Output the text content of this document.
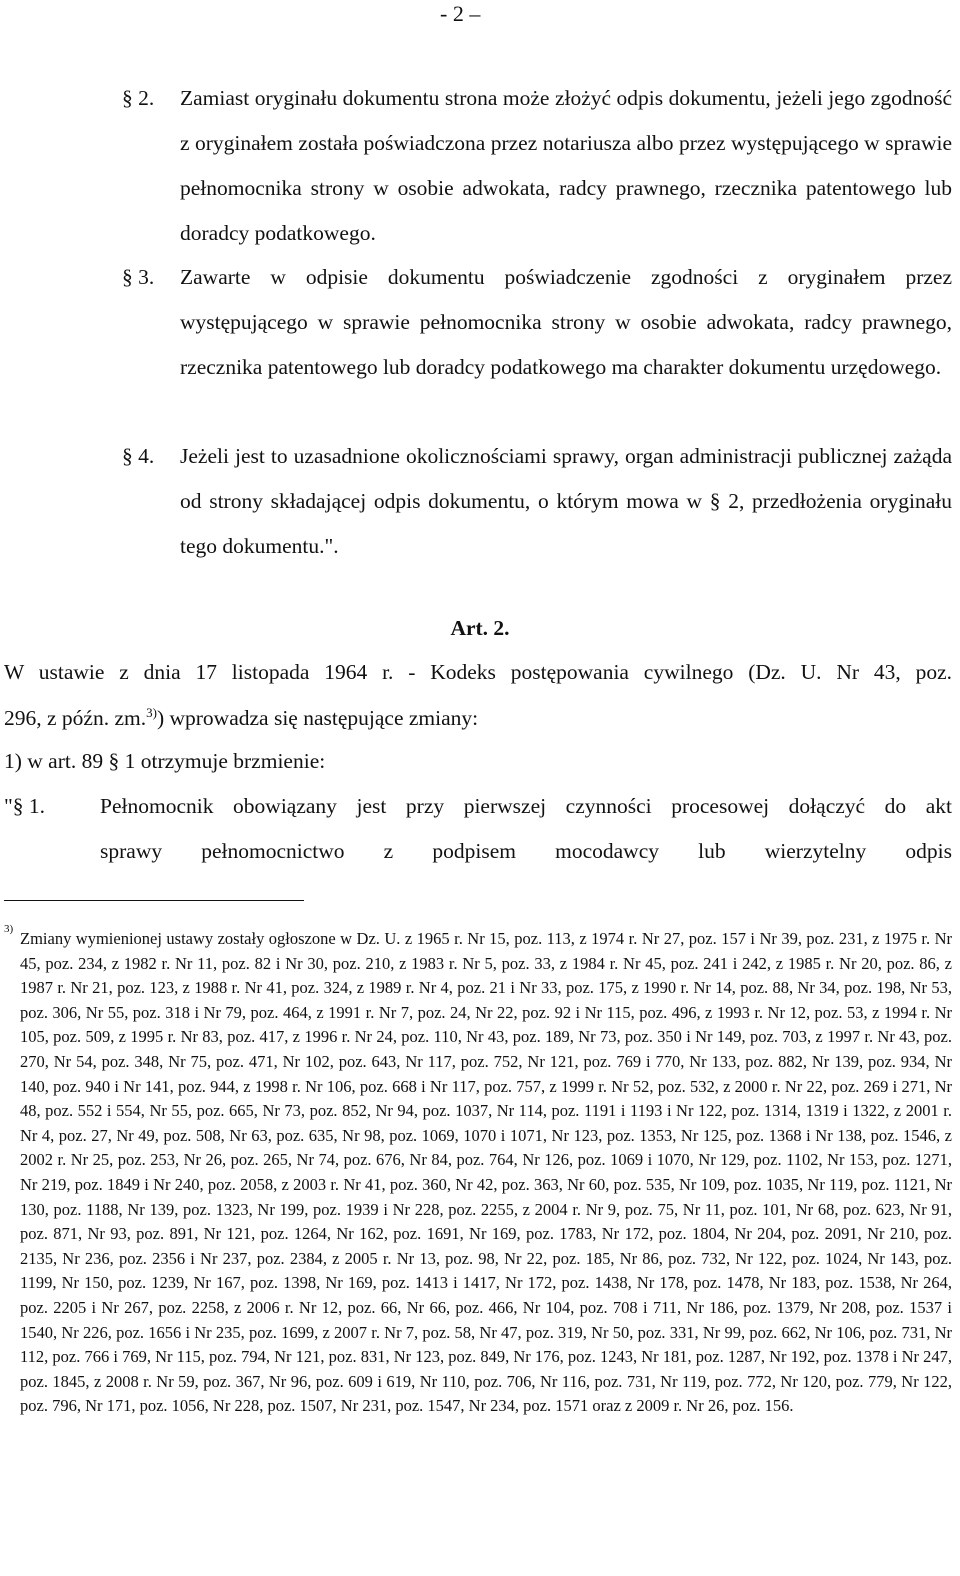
- 2 –
§ 2. Zamiast oryginału dokumentu strona może złożyć odpis dokumentu, jeżeli jego zgodność z oryginałem została poświadczona przez notariusza albo przez występującego w sprawie pełnomocnika strony w osobie adwokata, radcy prawnego, rzecznika patentowego lub doradcy podatkowego.
§ 3. Zawarte w odpisie dokumentu poświadczenie zgodności z oryginałem przez występującego w sprawie pełnomocnika strony w osobie adwokata, radcy prawnego, rzecznika patentowego lub doradcy podatkowego ma charakter dokumentu urzędowego.
§ 4. Jeżeli jest to uzasadnione okolicznościami sprawy, organ administracji publicznej zażąda od strony składającej odpis dokumentu, o którym mowa w § 2, przedłożenia oryginału tego dokumentu.".
Art. 2.
W ustawie z dnia 17 listopada 1964 r. - Kodeks postępowania cywilnego (Dz. U. Nr 43, poz.
296, z późn. zm.$^{3)}$) wprowadza się następujące zmiany:
1) w art. 89 § 1 otrzymuje brzmienie:
"§ 1.	Pełnomocnik obowiązany jest przy pierwszej czynności procesowej dołączyć do akt
sprawy pełnomocnictwo z podpisem mocodawcy lub wierzytelny odpis
3) Zmiany wymienionej ustawy zostały ogłoszone w Dz. U. z 1965 r. Nr 15, poz. 113, z 1974 r. Nr 27, poz. 157 i Nr 39, poz. 231, z 1975 r. Nr 45, poz. 234, z 1982 r. Nr 11, poz. 82 i Nr 30, poz. 210, z 1983 r. Nr 5, poz. 33, z 1984 r. Nr 45, poz. 241 i 242, z 1985 r. Nr 20, poz. 86, z 1987 r. Nr 21, poz. 123, z 1988 r. Nr 41, poz. 324, z 1989 r. Nr 4, poz. 21 i Nr 33, poz. 175, z 1990 r. Nr 14, poz. 88, Nr 34, poz. 198, Nr 53, poz. 306, Nr 55, poz. 318 i Nr 79, poz. 464, z 1991 r. Nr 7, poz. 24, Nr 22, poz. 92 i Nr 115, poz. 496, z 1993 r. Nr 12, poz. 53, z 1994 r. Nr 105, poz. 509, z 1995 r. Nr 83, poz. 417, z 1996 r. Nr 24, poz. 110, Nr 43, poz. 189, Nr 73, poz. 350 i Nr 149, poz. 703, z 1997 r. Nr 43, poz. 270, Nr 54, poz. 348, Nr 75, poz. 471, Nr 102, poz. 643, Nr 117, poz. 752, Nr 121, poz. 769 i 770, Nr 133, poz. 882, Nr 139, poz. 934, Nr 140, poz. 940 i Nr 141, poz. 944, z 1998 r. Nr 106, poz. 668 i Nr 117, poz. 757, z 1999 r. Nr 52, poz. 532, z 2000 r. Nr 22, poz. 269 i 271, Nr 48, poz. 552 i 554, Nr 55, poz. 665, Nr 73, poz. 852, Nr 94, poz. 1037, Nr 114, poz. 1191 i 1193 i Nr 122, poz. 1314, 1319 i 1322, z 2001 r. Nr 4, poz. 27, Nr 49, poz. 508, Nr 63, poz. 635, Nr 98, poz. 1069, 1070 i 1071, Nr 123, poz. 1353, Nr 125, poz. 1368 i Nr 138, poz. 1546, z 2002 r. Nr 25, poz. 253, Nr 26, poz. 265, Nr 74, poz. 676, Nr 84, poz. 764, Nr 126, poz. 1069 i 1070, Nr 129, poz. 1102, Nr 153, poz. 1271, Nr 219, poz. 1849 i Nr 240, poz. 2058, z 2003 r. Nr 41, poz. 360, Nr 42, poz. 363, Nr 60, poz. 535, Nr 109, poz. 1035, Nr 119, poz. 1121, Nr 130, poz. 1188, Nr 139, poz. 1323, Nr 199, poz. 1939 i Nr 228, poz. 2255, z 2004 r. Nr 9, poz. 75, Nr 11, poz. 101, Nr 68, poz. 623, Nr 91, poz. 871, Nr 93, poz. 891, Nr 121, poz. 1264, Nr 162, poz. 1691, Nr 169, poz. 1783, Nr 172, poz. 1804, Nr 204, poz. 2091, Nr 210, poz. 2135, Nr 236, poz. 2356 i Nr 237, poz. 2384, z 2005 r. Nr 13, poz. 98, Nr 22, poz. 185, Nr 86, poz. 732, Nr 122, poz. 1024, Nr 143, poz. 1199, Nr 150, poz. 1239, Nr 167, poz. 1398, Nr 169, poz. 1413 i 1417, Nr 172, poz. 1438, Nr 178, poz. 1478, Nr 183, poz. 1538, Nr 264, poz. 2205 i Nr 267, poz. 2258, z 2006 r. Nr 12, poz. 66, Nr 66, poz. 466, Nr 104, poz. 708 i 711, Nr 186, poz. 1379, Nr 208, poz. 1537 i 1540, Nr 226, poz. 1656 i Nr 235, poz. 1699, z 2007 r. Nr 7, poz. 58, Nr 47, poz. 319, Nr 50, poz. 331, Nr 99, poz. 662, Nr 106, poz. 731, Nr 112, poz. 766 i 769, Nr 115, poz. 794, Nr 121, poz. 831, Nr 123, poz. 849, Nr 176, poz. 1243, Nr 181, poz. 1287, Nr 192, poz. 1378 i Nr 247, poz. 1845, z 2008 r. Nr 59, poz. 367, Nr 96, poz. 609 i 619, Nr 110, poz. 706, Nr 116, poz. 731, Nr 119, poz. 772, Nr 120, poz. 779, Nr 122, poz. 796, Nr 171, poz. 1056, Nr 228, poz. 1507, Nr 231, poz. 1547, Nr 234, poz. 1571 oraz z 2009 r. Nr 26, poz. 156.
